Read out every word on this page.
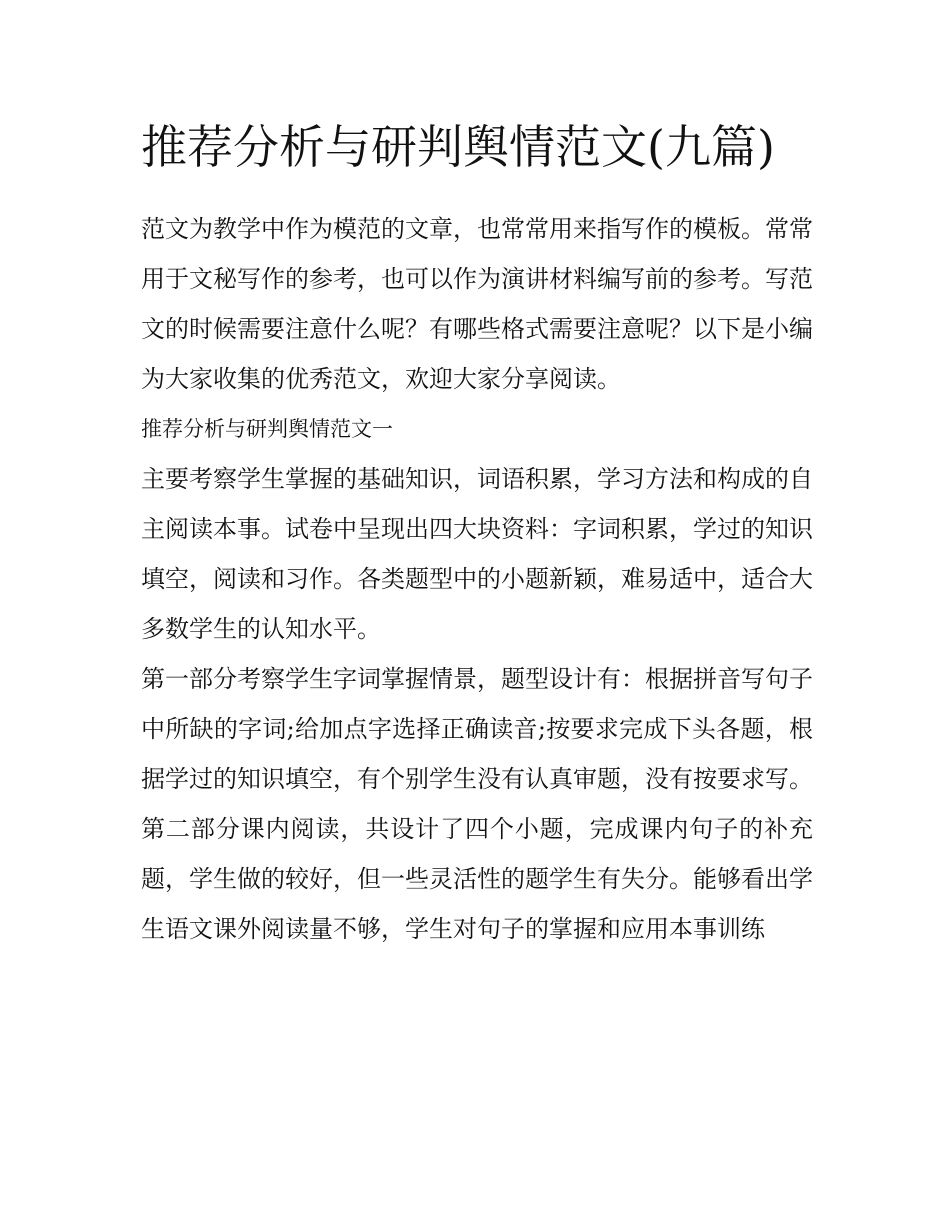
推荐分析与研判舆情范文(九篇)

范文为教学中作为模范的文章，也常常用来指写作的模板。常常用于文秘写作的参考，也可以作为演讲材料编写前的参考。写范文的时候需要注意什么呢？有哪些格式需要注意呢？以下是小编为大家收集的优秀范文，欢迎大家分享阅读。

推荐分析与研判舆情范文一

主要考察学生掌握的基础知识，词语积累，学习方法和构成的自主阅读本事。试卷中呈现出四大块资料：字词积累，学过的知识填空，阅读和习作。各类题型中的小题新颖，难易适中，适合大多数学生的认知水平。

第一部分考察学生字词掌握情景，题型设计有：根据拼音写句子中所缺的字词;给加点字选择正确读音;按要求完成下头各题，根据学过的知识填空，有个别学生没有认真审题，没有按要求写。

第二部分课内阅读，共设计了四个小题，完成课内句子的补充题，学生做的较好，但一些灵活性的题学生有失分。能够看出学生语文课外阅读量不够，学生对句子的掌握和应用本事训练
